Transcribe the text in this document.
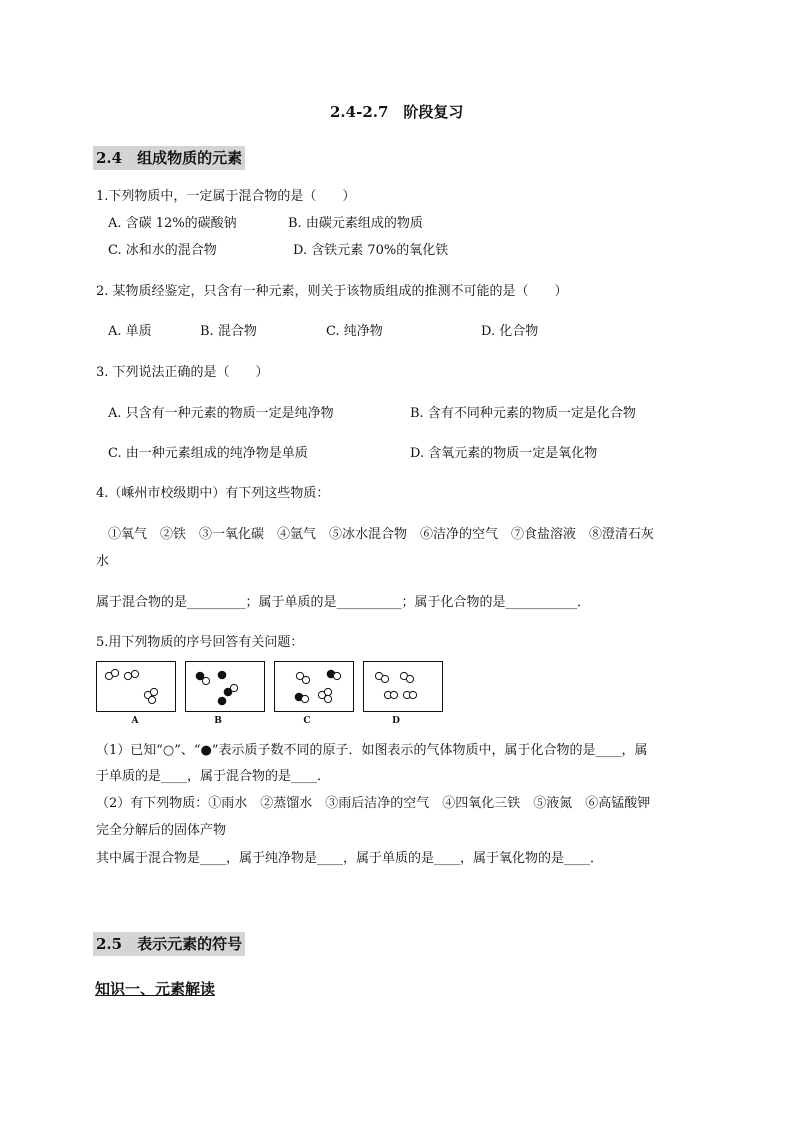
2.4-2.7　阶段复习
2.4　组成物质的元素
1.下列物质中，一定属于混合物的是（　　）
A. 含碳 12%的碳酸钠	B. 由碳元素组成的物质
C. 冰和水的混合物	D. 含铁元素 70%的氧化铁
2. 某物质经鉴定，只含有一种元素，则关于该物质组成的推测不可能的是（　　）
A. 单质	B. 混合物	C. 纯净物	D. 化合物
3. 下列说法正确的是（　　）
A. 只含有一种元素的物质一定是纯净物	B. 含有不同种元素的物质一定是化合物
C. 由一种元素组成的纯净物是单质	D. 含氧元素的物质一定是氧化物
4.（嵊州市校级期中）有下列这些物质：
①氧气　②铁　③一氧化碳　④氩气　⑤冰水混合物　⑥洁净的空气　⑦食盐溶液　⑧澄清石灰
水
属于混合物的是_________；属于单质的是__________；属于化合物的是___________．
5.用下列物质的序号回答有关问题：
A	B	C	D
（1）已知“○”、“●”表示质子数不同的原子．如图表示的气体物质中，属于化合物的是____，属
于单质的是____，属于混合物的是____．
（2）有下列物质：①雨水　②蒸馏水　③雨后洁净的空气　④四氧化三铁　⑤液氮　⑥高锰酸钾
完全分解后的固体产物
其中属于混合物是____，属于纯净物是____，属于单质的是____，属于氧化物的是____．
2.5　表示元素的符号
知识一、元素解读
